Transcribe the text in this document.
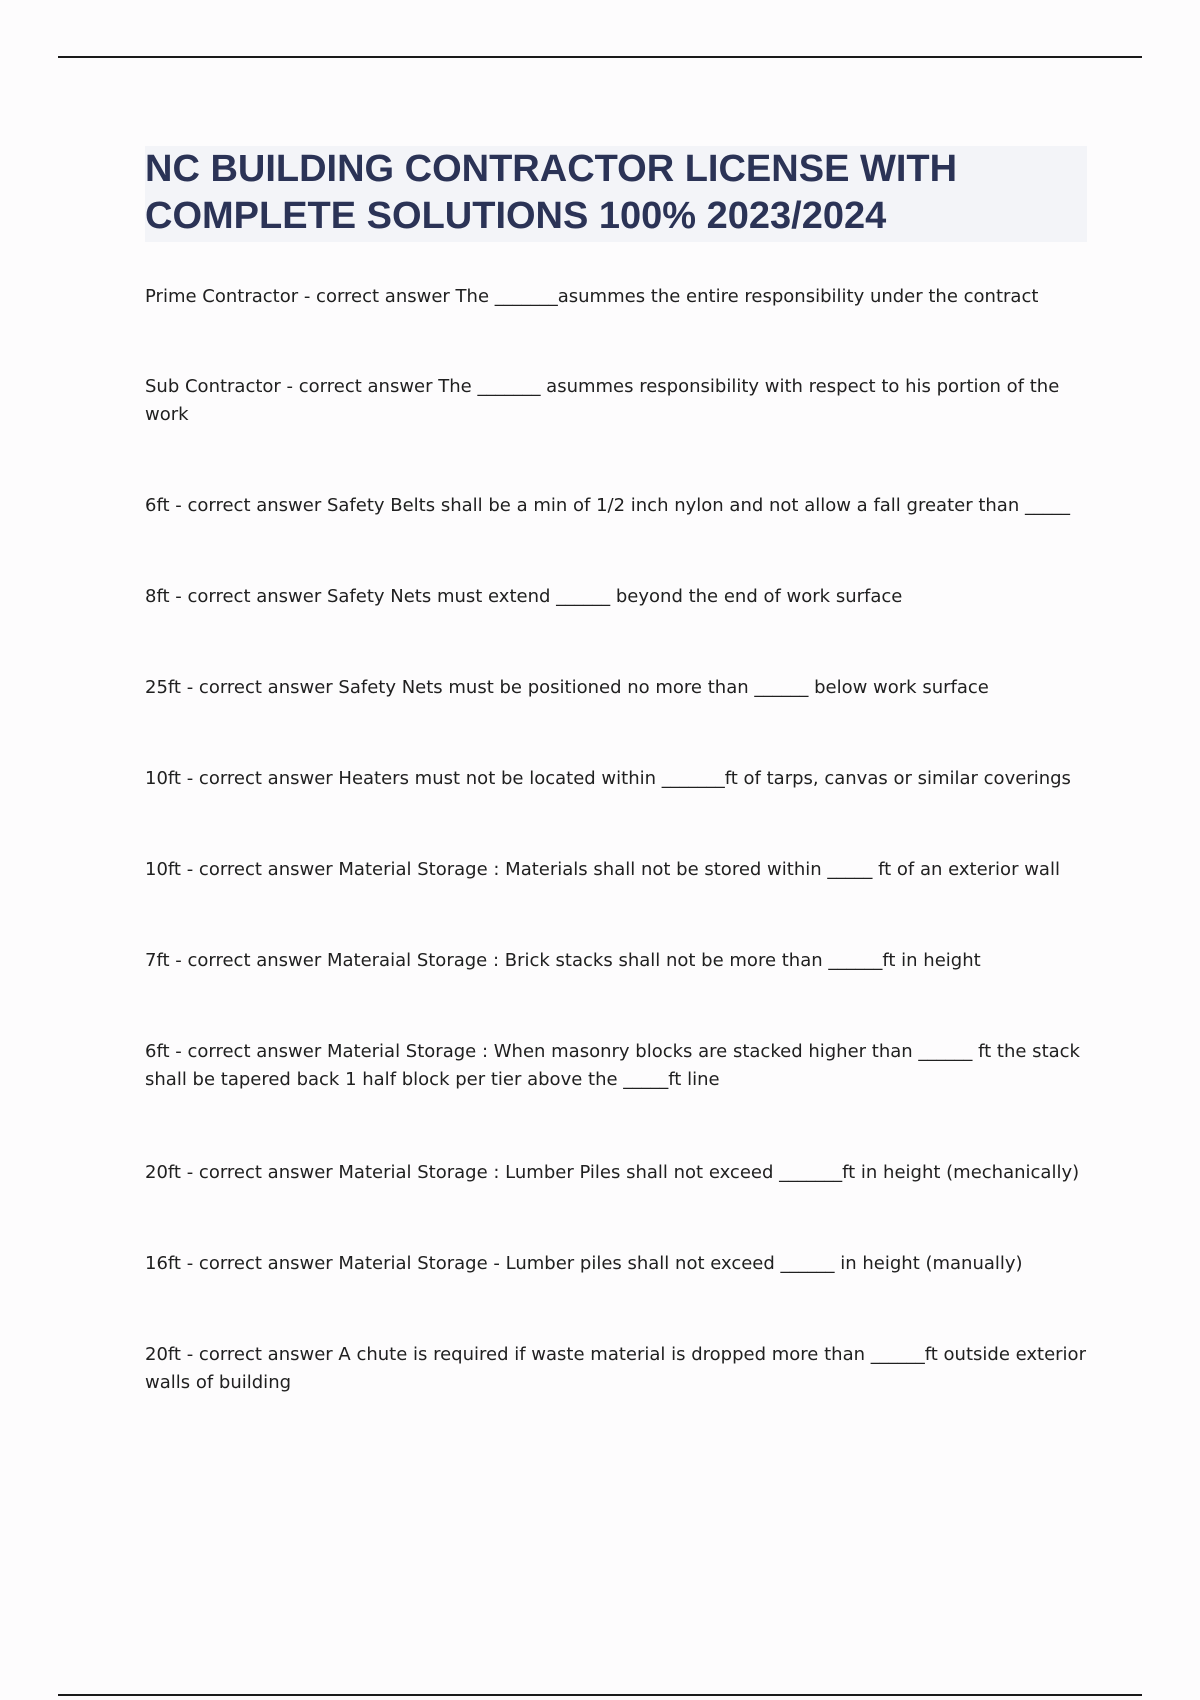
NC BUILDING CONTRACTOR LICENSE WITH
COMPLETE SOLUTIONS 100% 2023/2024
Prime Contractor - correct answer The _______asummes the entire responsibility under the contract
Sub Contractor - correct answer The _______ asummes responsibility with respect to his portion of the work
6ft - correct answer Safety Belts shall be a min of 1/2 inch nylon and not allow a fall greater than _____
8ft - correct answer Safety Nets must extend ______ beyond the end of work surface
25ft - correct answer Safety Nets must be positioned no more than ______ below work surface
10ft - correct answer Heaters must not be located within _______ft of tarps, canvas or similar coverings
10ft - correct answer Material Storage : Materials shall not be stored within _____ ft of an exterior wall
7ft - correct answer Materaial Storage : Brick stacks shall not be more than ______ft in height
6ft - correct answer Material Storage : When masonry blocks are stacked higher than ______ ft the stack shall be tapered back 1 half block per tier above the _____ft line
20ft - correct answer Material Storage : Lumber Piles shall not exceed _______ft in height (mechanically)
16ft - correct answer Material Storage - Lumber piles shall not exceed ______ in height (manually)
20ft - correct answer A chute is required if waste material is dropped more than ______ft outside exterior walls of building
